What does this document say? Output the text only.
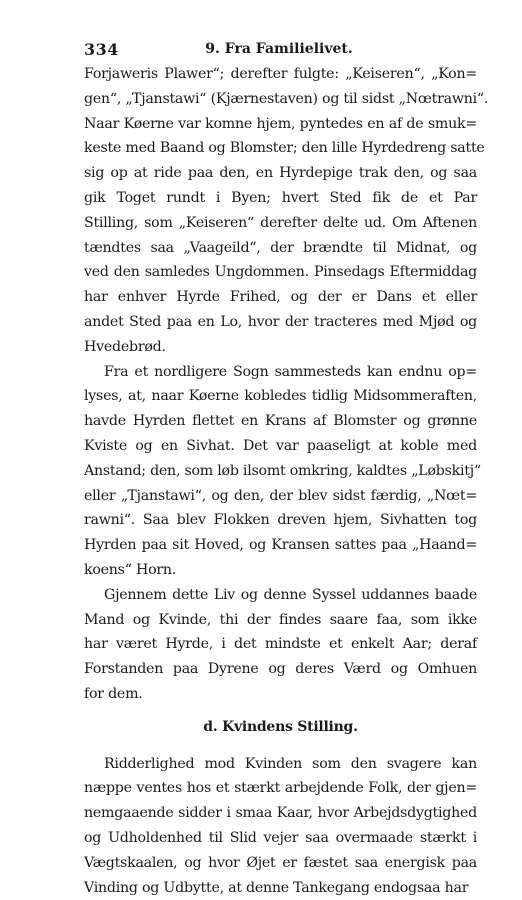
334	9. Fra Familielivet.
Forjaweris Plawer“; derefter fulgte: „Keiseren“, „Kon=
gen“, „Tjanstawi“ (Kjærnestaven) og til sidst „Nœtrawni“.
Naar Køerne var komne hjem, pyntedes en af de smuk=
keste med Baand og Blomster; den lille Hyrdedreng satte
sig op at ride paa den, en Hyrdepige trak den, og saa
gik Toget rundt i Byen; hvert Sted fik de et Par
Stilling, som „Keiseren“ derefter delte ud. Om Aftenen
tændtes saa „Vaageild“, der brændte til Midnat, og
ved den samledes Ungdommen. Pinsedags Eftermiddag
har enhver Hyrde Frihed, og der er Dans et eller
andet Sted paa en Lo, hvor der tracteres med Mjød og
Hvedebrød.
Fra et nordligere Sogn sammesteds kan endnu op=
lyses, at, naar Køerne kobledes tidlig Midsommeraften,
havde Hyrden flettet en Krans af Blomster og grønne
Kviste og en Sivhat. Det var paaseligt at koble med
Anstand; den, som løb ilsomt omkring, kaldtes „Løbskitj“
eller „Tjanstawi“, og den, der blev sidst færdig, „Nœt=
rawni“. Saa blev Flokken dreven hjem, Sivhatten tog
Hyrden paa sit Hoved, og Kransen sattes paa „Haand=
koens“ Horn.
Gjennem dette Liv og denne Syssel uddannes baade
Mand og Kvinde, thi der findes saare faa, som ikke
har været Hyrde, i det mindste et enkelt Aar; deraf
Forstanden paa Dyrene og deres Værd og Omhuen
for dem.
d. Kvindens Stilling.
Ridderlighed mod Kvinden som den svagere kan
næppe ventes hos et stærkt arbejdende Folk, der gjen=
nemgaaende sidder i smaa Kaar, hvor Arbejdsdygtighed
og Udholdenhed til Slid vejer saa overmaade stærkt i
Vægtskaalen, og hvor Øjet er fæstet saa energisk paa
Vinding og Udbytte, at denne Tankegang endogsaa har
